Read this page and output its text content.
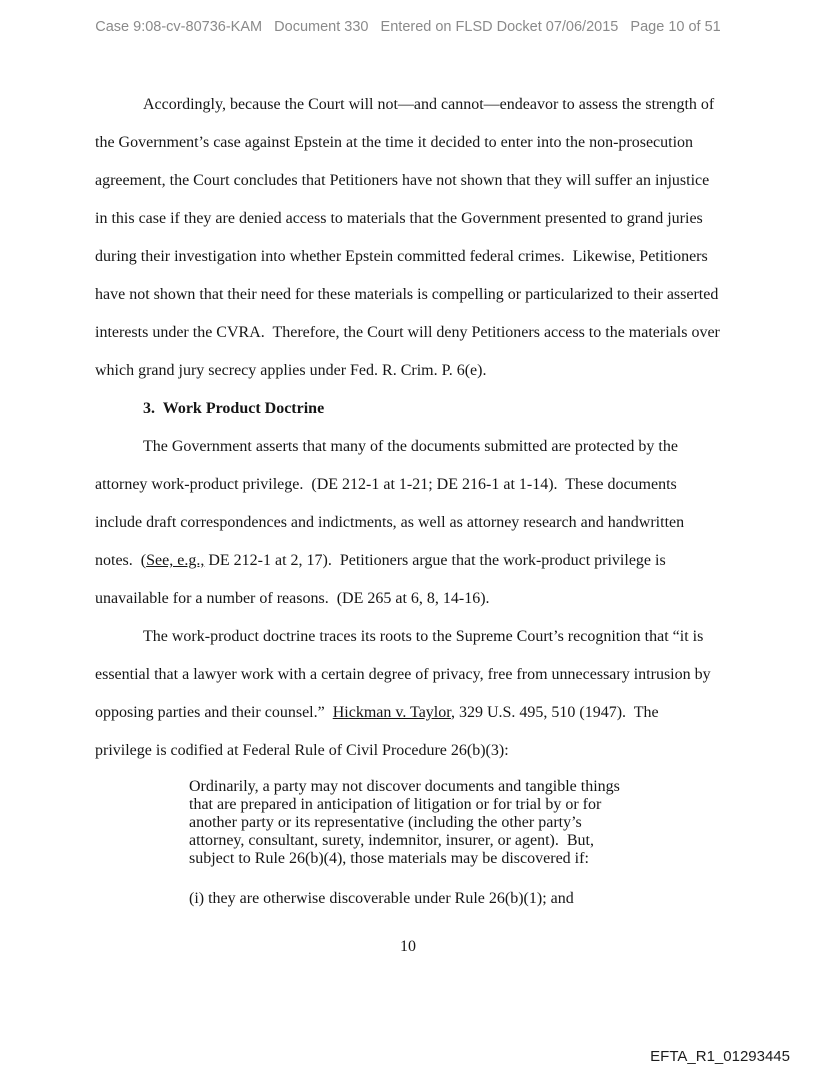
Case 9:08-cv-80736-KAM   Document 330   Entered on FLSD Docket 07/06/2015   Page 10 of 51
Accordingly, because the Court will not—and cannot—endeavor to assess the strength of
the Government’s case against Epstein at the time it decided to enter into the non-prosecution
agreement, the Court concludes that Petitioners have not shown that they will suffer an injustice
in this case if they are denied access to materials that the Government presented to grand juries
during their investigation into whether Epstein committed federal crimes.  Likewise, Petitioners
have not shown that their need for these materials is compelling or particularized to their asserted
interests under the CVRA.  Therefore, the Court will deny Petitioners access to the materials over
which grand jury secrecy applies under Fed. R. Crim. P. 6(e).
3.  Work Product Doctrine
The Government asserts that many of the documents submitted are protected by the
attorney work-product privilege.  (DE 212-1 at 1-21; DE 216-1 at 1-14).  These documents
include draft correspondences and indictments, as well as attorney research and handwritten
notes.  (See, e.g., DE 212-1 at 2, 17).  Petitioners argue that the work-product privilege is
unavailable for a number of reasons.  (DE 265 at 6, 8, 14-16).
The work-product doctrine traces its roots to the Supreme Court’s recognition that “it is
essential that a lawyer work with a certain degree of privacy, free from unnecessary intrusion by
opposing parties and their counsel.”  Hickman v. Taylor, 329 U.S. 495, 510 (1947).  The
privilege is codified at Federal Rule of Civil Procedure 26(b)(3):
Ordinarily, a party may not discover documents and tangible things
that are prepared in anticipation of litigation or for trial by or for
another party or its representative (including the other party’s
attorney, consultant, surety, indemnitor, insurer, or agent).  But,
subject to Rule 26(b)(4), those materials may be discovered if:
(i) they are otherwise discoverable under Rule 26(b)(1); and
10
EFTA_R1_01293445
